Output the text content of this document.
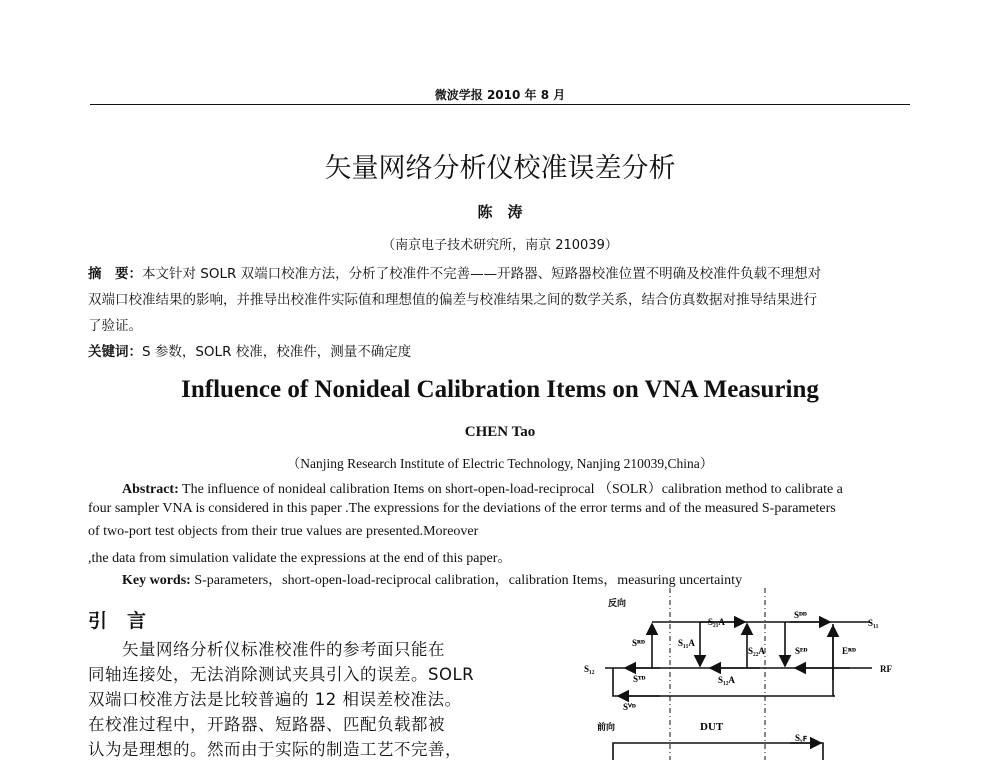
微波学报 2010 年 8 月
矢量网络分析仪校准误差分析
陈　涛
（南京电子技术研究所，南京 210039）
摘　要：本文针对 SOLR 双端口校准方法，分析了校准件不完善——开路器、短路器校准位置不明确及校准件负载不理想对
双端口校准结果的影响，并推导出校准件实际值和理想值的偏差与校准结果之间的数学关系，结合仿真数据对推导结果进行
了验证。
关键词：S 参数，SOLR 校准，校准件，测量不确定度
Influence of Nonideal Calibration Items on VNA Measuring
CHEN Tao
（Nanjing Research Institute of Electric Technology, Nanjing 210039,China）
Abstract: The influence of nonideal calibration Items on short-open-load-reciprocal （SOLR）calibration method to calibrate a
four sampler VNA is considered in this paper .The expressions for the deviations of the error terms and of the measured S-parameters
of two-port test objects from their true values are presented.Moreover
,the data from simulation validate the expressions at the end of this paper。
Key words: S-parameters，short-open-load-reciprocal calibration，calibration Items，measuring uncertainty
引　言
　　矢量网络分析仪标准校准件的参考面只能在
同轴连接处，无法消除测试夹具引入的误差。SOLR
双端口校准方法是比较普遍的 12 相误差校准法。
在校准过程中，开路器、短路器、匹配负载都被
认为是理想的。然而由于实际的制造工艺不完善，
反向
S₁₁
S₁₂	RF
Sᴿᴰ	S₁₁A
S₂₁A
S₂₂A
S₁₂A
Sᴰᴰ
Sᴱᴰ	Eᴿᴰ
Sᵀᴰ
Sⱽᴰ
前向	DUT
Sᵥꜰ
